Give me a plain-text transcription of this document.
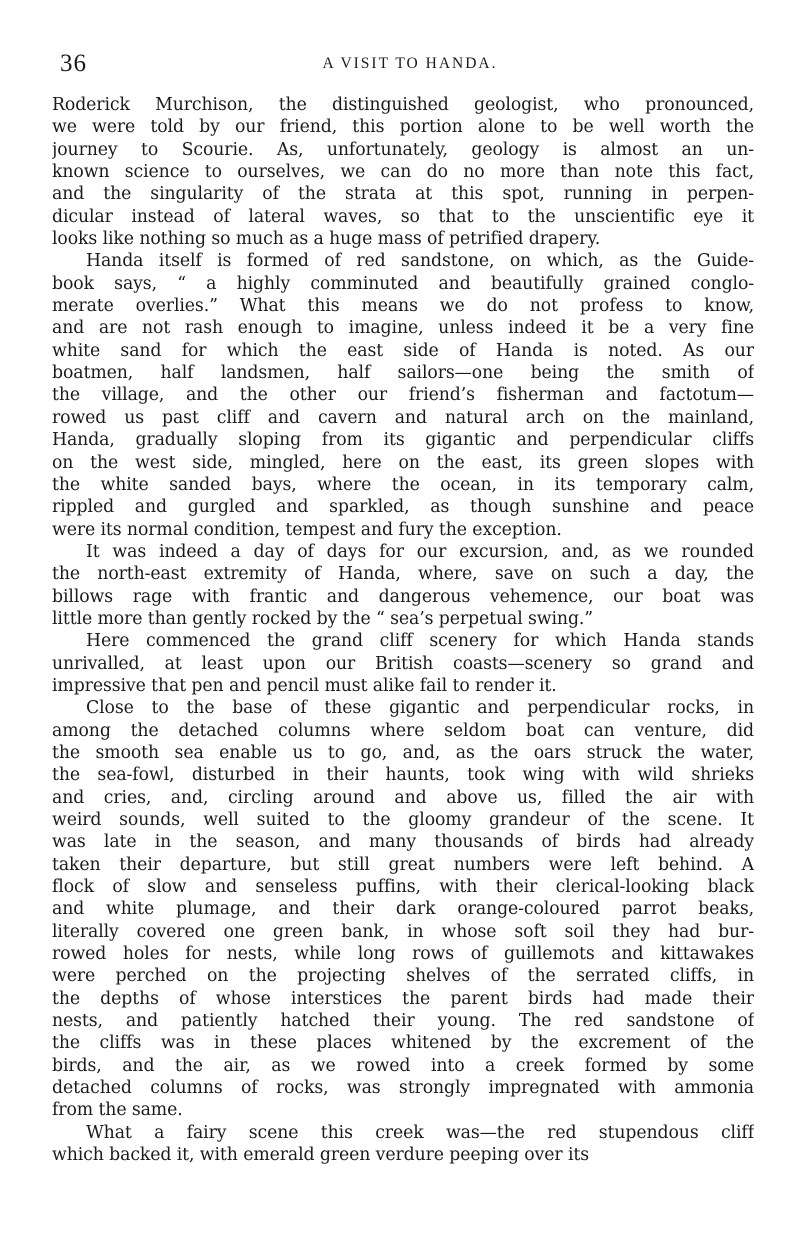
36	A VISIT TO HANDA.
Roderick Murchison, the distinguished geologist, who pronounced,
we were told by our friend, this portion alone to be well worth the
journey to Scourie. As, unfortunately, geology is almost an un-
known science to ourselves, we can do no more than note this fact,
and the singularity of the strata at this spot, running in perpen-
dicular instead of lateral waves, so that to the unscientific eye it
looks like nothing so much as a huge mass of petrified drapery.
Handa itself is formed of red sandstone, on which, as the Guide-
book says, “ a highly comminuted and beautifully grained conglo-
merate overlies.” What this means we do not profess to know,
and are not rash enough to imagine, unless indeed it be a very fine
white sand for which the east side of Handa is noted. As our
boatmen, half landsmen, half sailors—one being the smith of
the village, and the other our friend’s fisherman and factotum—
rowed us past cliff and cavern and natural arch on the mainland,
Handa, gradually sloping from its gigantic and perpendicular cliffs
on the west side, mingled, here on the east, its green slopes with
the white sanded bays, where the ocean, in its temporary calm,
rippled and gurgled and sparkled, as though sunshine and peace
were its normal condition, tempest and fury the exception.
It was indeed a day of days for our excursion, and, as we rounded
the north-east extremity of Handa, where, save on such a day, the
billows rage with frantic and dangerous vehemence, our boat was
little more than gently rocked by the “ sea’s perpetual swing.”
Here commenced the grand cliff scenery for which Handa stands
unrivalled, at least upon our British coasts—scenery so grand and
impressive that pen and pencil must alike fail to render it.
Close to the base of these gigantic and perpendicular rocks, in
among the detached columns where seldom boat can venture, did
the smooth sea enable us to go, and, as the oars struck the water,
the sea-fowl, disturbed in their haunts, took wing with wild shrieks
and cries, and, circling around and above us, filled the air with
weird sounds, well suited to the gloomy grandeur of the scene. It
was late in the season, and many thousands of birds had already
taken their departure, but still great numbers were left behind. A
flock of slow and senseless puffins, with their clerical-looking black
and white plumage, and their dark orange-coloured parrot beaks,
literally covered one green bank, in whose soft soil they had bur-
rowed holes for nests, while long rows of guillemots and kittawakes
were perched on the projecting shelves of the serrated cliffs, in
the depths of whose interstices the parent birds had made their
nests, and patiently hatched their young. The red sandstone of
the cliffs was in these places whitened by the excrement of the
birds, and the air, as we rowed into a creek formed by some
detached columns of rocks, was strongly impregnated with ammonia
from the same.
What a fairy scene this creek was—the red stupendous cliff
which backed it, with emerald green verdure peeping over its
